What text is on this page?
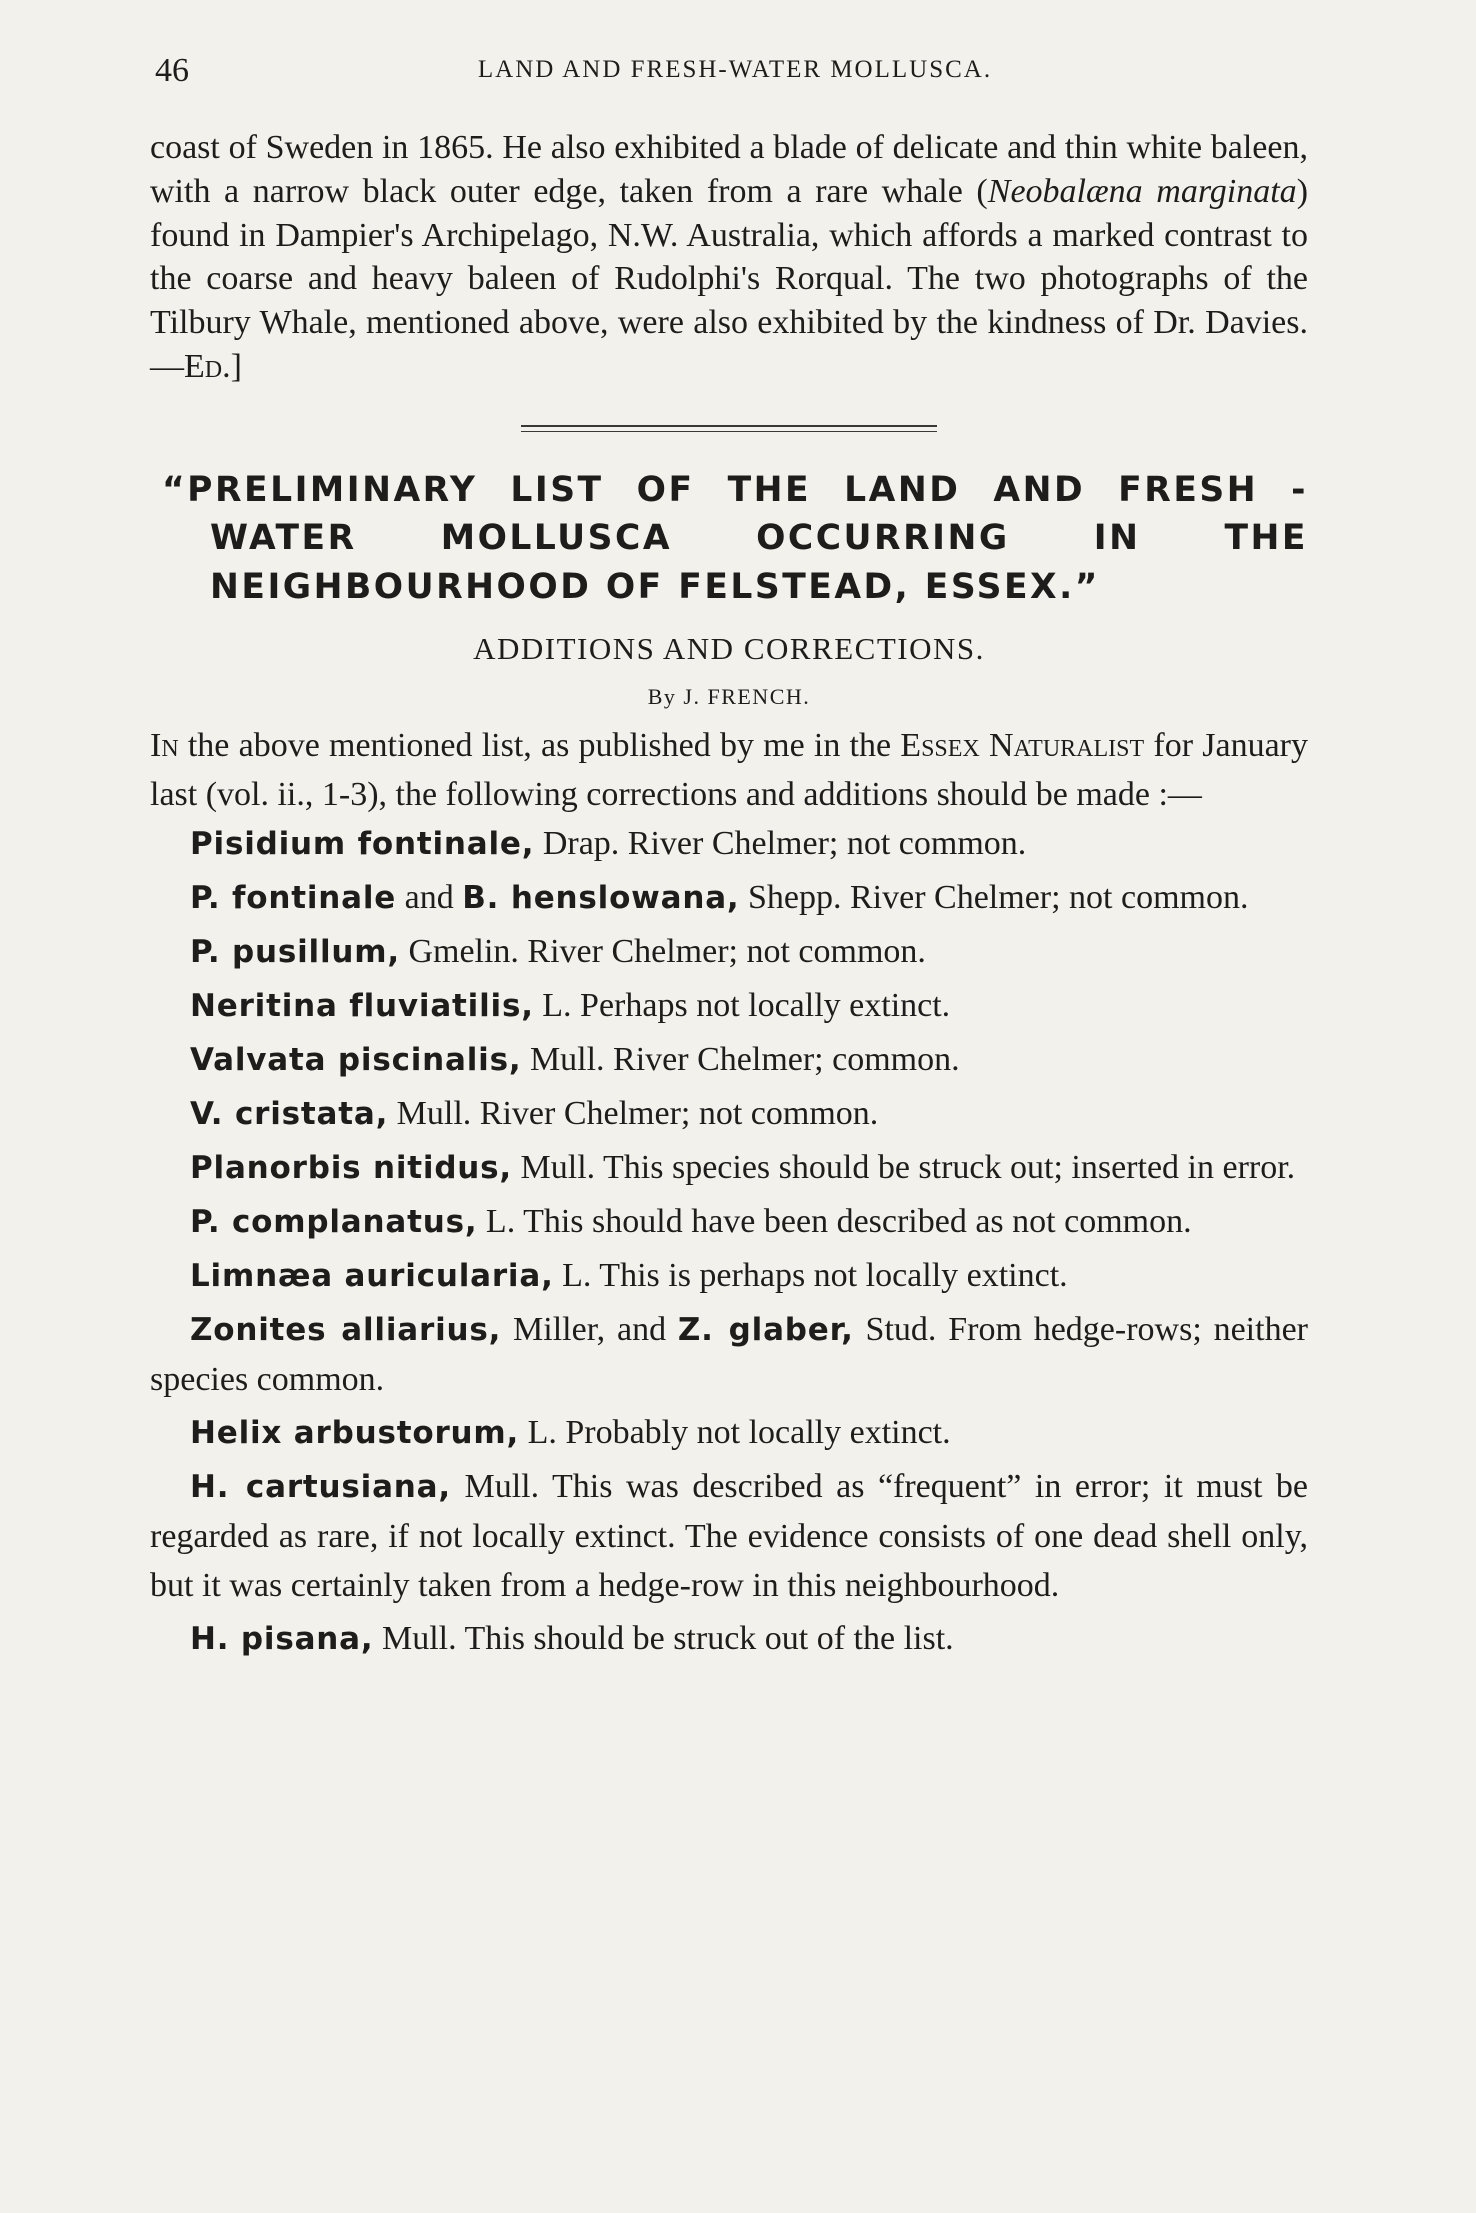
46	LAND AND FRESH-WATER MOLLUSCA.

coast of Sweden in 1865. He also exhibited a blade of delicate and thin white baleen, with a narrow black outer edge, taken from a rare whale (Neobalæna marginata) found in Dampier's Archipelago, N.W. Australia, which affords a marked contrast to the coarse and heavy baleen of Rudolphi's Rorqual. The two photographs of the Tilbury Whale, mentioned above, were also exhibited by the kindness of Dr. Davies.—Ed.]

“PRELIMINARY LIST OF THE LAND AND FRESH - WATER MOLLUSCA OCCURRING IN THE NEIGHBOURHOOD OF FELSTEAD, ESSEX.”

ADDITIONS AND CORRECTIONS.

By J. FRENCH.

In the above mentioned list, as published by me in the Essex Naturalist for January last (vol. ii., 1-3), the following corrections and additions should be made :—

Pisidium fontinale, Drap. River Chelmer; not common.

P. fontinale and B. henslowana, Shepp. River Chelmer; not common.

P. pusillum, Gmelin. River Chelmer; not common.

Neritina fluviatilis, L. Perhaps not locally extinct.

Valvata piscinalis, Mull. River Chelmer; common.

V. cristata, Mull. River Chelmer; not common.

Planorbis nitidus, Mull. This species should be struck out; inserted in error.

P. complanatus, L. This should have been described as not common.

Limnæa auricularia, L. This is perhaps not locally extinct.

Zonites alliarius, Miller, and Z. glaber, Stud. From hedge-rows; neither species common.

Helix arbustorum, L. Probably not locally extinct.

H. cartusiana, Mull. This was described as “frequent” in error; it must be regarded as rare, if not locally extinct. The evidence consists of one dead shell only, but it was certainly taken from a hedge-row in this neighbourhood.

H. pisana, Mull. This should be struck out of the list.
